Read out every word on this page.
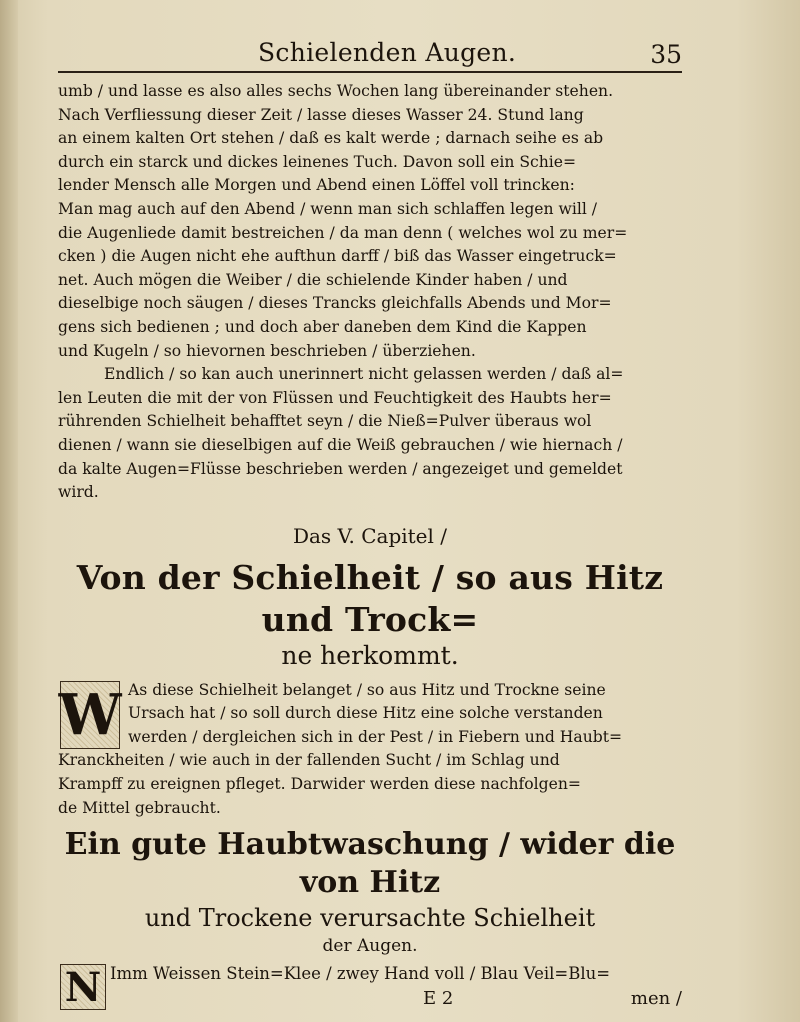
Schielenden Augen.	35

umb / und lasse es also alles sechs Wochen lang übereinander stehen.
Nach Verfliessung dieser Zeit / lasse dieses Wasser 24. Stund lang
an einem kalten Ort stehen / daß es kalt werde ; darnach seihe es ab
durch ein starck und dickes leinenes Tuch. Davon soll ein Schie=
lender Mensch alle Morgen und Abend einen Löffel voll trincken:
Man mag auch auf den Abend / wenn man sich schlaffen legen will /
die Augenliede damit bestreichen / da man denn ( welches wol zu mer=
cken ) die Augen nicht ehe aufthun darff / biß das Wasser eingetruck=
net. Auch mögen die Weiber / die schielende Kinder haben / und
dieselbige noch säugen / dieses Trancks gleichfalls Abends und Mor=
gens sich bedienen ; und doch aber daneben dem Kind die Kappen
und Kugeln / so hievornen beschrieben / überziehen.

Endlich / so kan auch unerinnert nicht gelassen werden / daß al=
len Leuten die mit der von Flüssen und Feuchtigkeit des Haubts her=
rührenden Schielheit behafftet seyn / die Nieß=Pulver überaus wol
dienen / wann sie dieselbigen auf die Weiß gebrauchen / wie hiernach /
da kalte Augen=Flüsse beschrieben werden / angezeiget und gemeldet
wird.

Das V. Capitel /
Von der Schielheit / so aus Hitz und Trock=
ne herkommt.
W As diese Schielheit belanget / so aus Hitz und Trockne seine
Ursach hat / so soll durch diese Hitz eine solche verstanden
werden / dergleichen sich in der Pest / in Fiebern und Haubt=
Kranckheiten / wie auch in der fallenden Sucht / im Schlag und
Krampff zu ereignen pfleget. Darwider werden diese nachfolgen=
de Mittel gebraucht.

Ein gute Haubtwaschung / wider die von Hitz
und Trockene verursachte Schielheit
der Augen.
N Imm Weissen Stein=Klee / zwey Hand voll / Blau Veil=Blu=
E 2	men /
